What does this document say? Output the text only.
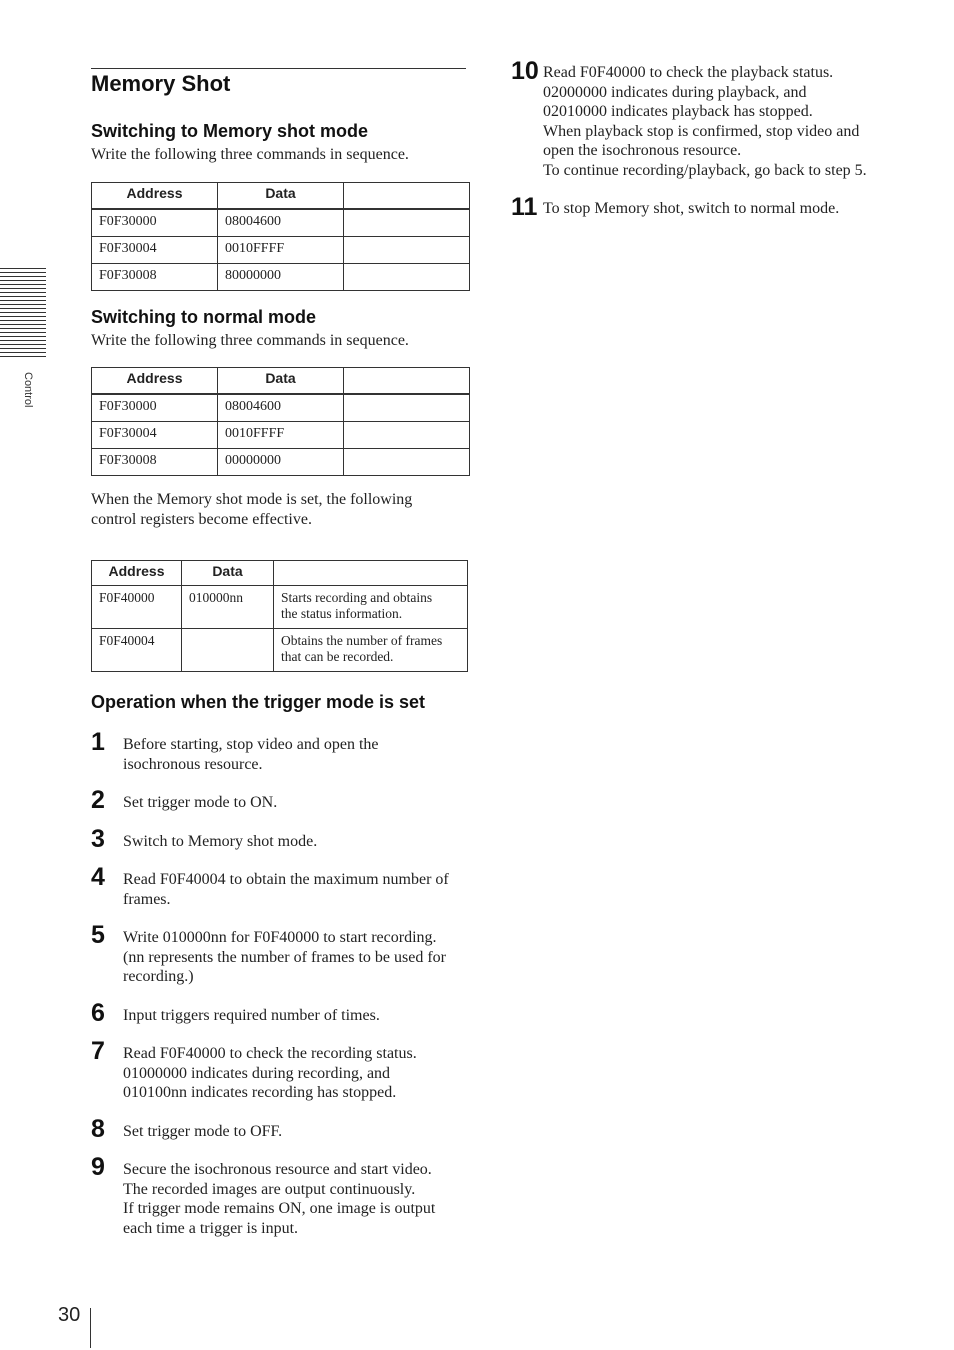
Control
Memory Shot
Switching to Memory shot mode

Write the following three commands in sequence.

Address	Data	
F0F30000	08004600	
F0F30004	0010FFFF	
F0F30008	80000000	
Switching to normal mode

Write the following three commands in sequence.

Address	Data	
F0F30000	08004600	
F0F30004	0010FFFF	
F0F30008	00000000	

When the Memory shot mode is set, the following

control registers become effective.

Address	Data	
F0F40000	010000nn	Starts recording and obtains
the status information.

F0F40004		Obtains the number of frames
that can be recorded.
Operation when the trigger mode is set
1 Before starting, stop video and open the
isochronous resource.
2 Set trigger mode to ON.
3 Switch to Memory shot mode.
4 Read F0F40004 to obtain the maximum number of
frames.
5 Write 010000nn for F0F40000 to start recording.
(nn represents the number of frames to be used for
recording.)
6 Input triggers required number of times.
7 Read F0F40000 to check the recording status.
01000000 indicates during recording, and
010100nn indicates recording has stopped.
8 Set trigger mode to OFF.
9 Secure the isochronous resource and start video.
The recorded images are output continuously.
If trigger mode remains ON, one image is output
each time a trigger is input.
10 Read F0F40000 to check the playback status.
02000000 indicates during playback, and
02010000 indicates playback has stopped.
When playback stop is confirmed, stop video and
open the isochronous resource.
To continue recording/playback, go back to step 5.
11 To stop Memory shot, switch to normal mode.
30
